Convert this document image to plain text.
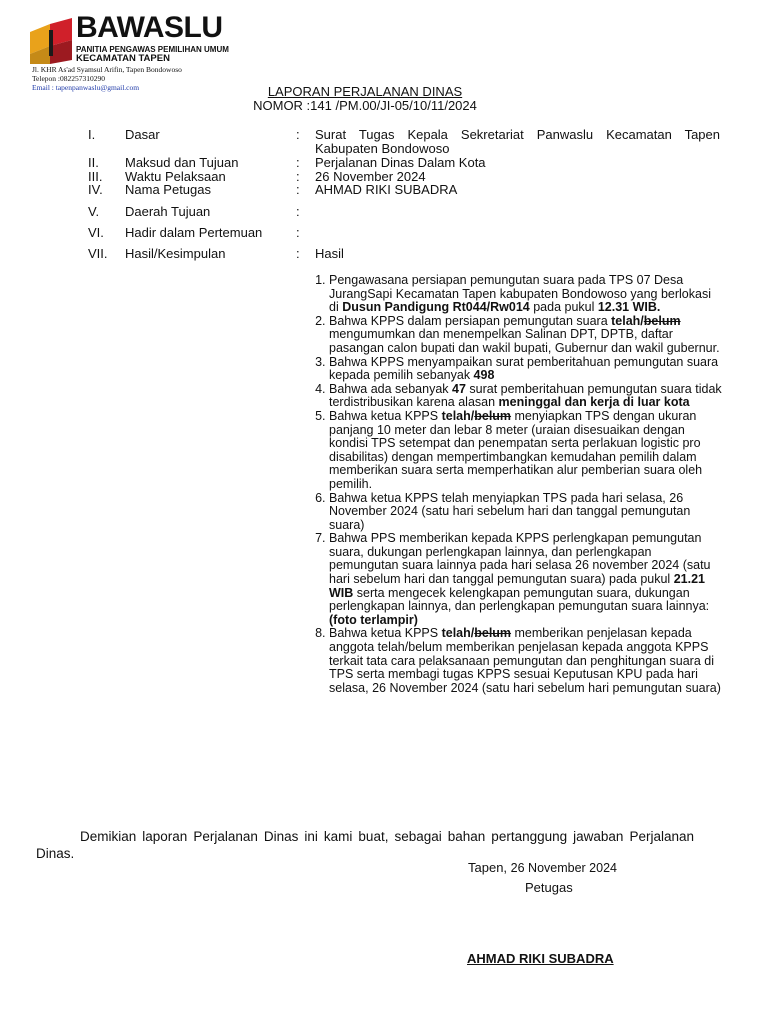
BAWASLU
PANITIA PENGAWAS PEMILIHAN UMUM
KECAMATAN TAPEN
Jl. KHR As'ad Syamsul Arifin, Tapen Bondowoso
Telepon :082257310290
Email : tapenpanwaslu@gmail.com	LAPORAN PERJALANAN DINAS
NOMOR :141 /PM.00/JI-05/10/11/2024
I. Dasar	: Surat Tugas Kepala Sekretariat Panwaslu Kecamatan Tapen
Kabupaten Bondowoso
II. Maksud dan Tujuan	: Perjalanan Dinas Dalam Kota
III. Waktu Pelaksaan	: 26 November 2024
IV. Nama Petugas	: AHMAD RIKI SUBADRA
V. Daerah Tujuan	:
VI. Hadir dalam Pertemuan	:
VII. Hasil/Kesimpulan	: Hasil
1. Pengawasana persiapan pemungutan suara pada TPS 07 Desa JurangSapi Kecamatan Tapen kabupaten Bondowoso yang berlokasi di Dusun Pandigung Rt044/Rw014 pada pukul 12.31 WIB.
2. Bahwa KPPS dalam persiapan pemungutan suara telah/belum mengumumkan dan menempelkan Salinan DPT, DPTB, daftar pasangan calon bupati dan wakil bupati, Gubernur dan wakil gubernur.
3. Bahwa KPPS menyampaikan surat pemberitahuan pemungutan suara kepada pemilih sebanyak 498
4. Bahwa ada sebanyak 47 surat pemberitahuan pemungutan suara tidak terdistribusikan karena alasan meninggal dan kerja di luar kota
5. Bahwa ketua KPPS telah/belum menyiapkan TPS dengan ukuran panjang 10 meter dan lebar 8 meter (uraian disesuaikan dengan kondisi TPS setempat dan penempatan serta perlakuan logistic pro disabilitas) dengan mempertimbangkan kemudahan pemilih dalam memberikan suara serta memperhatikan alur pemberian suara oleh pemilih.
6. Bahwa ketua KPPS telah menyiapkan TPS pada hari selasa, 26 November 2024 (satu hari sebelum hari dan tanggal pemungutan suara)
7. Bahwa PPS memberikan kepada KPPS perlengkapan pemungutan suara, dukungan perlengkapan lainnya, dan perlengkapan pemungutan suara lainnya pada hari selasa 26 november 2024 (satu hari sebelum hari dan tanggal pemungutan suara) pada pukul 21.21 WIB serta mengecek kelengkapan pemungutan suara, dukungan perlengkapan lainnya, dan perlengkapan pemungutan suara lainnya: (foto terlampir)
8. Bahwa ketua KPPS telah/belum memberikan penjelasan kepada anggota telah/belum memberikan penjelasan kepada anggota KPPS terkait tata cara pelaksanaan pemungutan dan penghitungan suara di TPS serta membagi tugas KPPS sesuai Keputusan KPU pada hari selasa, 26 November 2024 (satu hari sebelum hari pemungutan suara)
Demikian laporan Perjalanan Dinas ini kami buat, sebagai bahan pertanggung jawaban Perjalanan Dinas.
Tapen, 26 November 2024
Petugas
AHMAD RIKI SUBADRA
